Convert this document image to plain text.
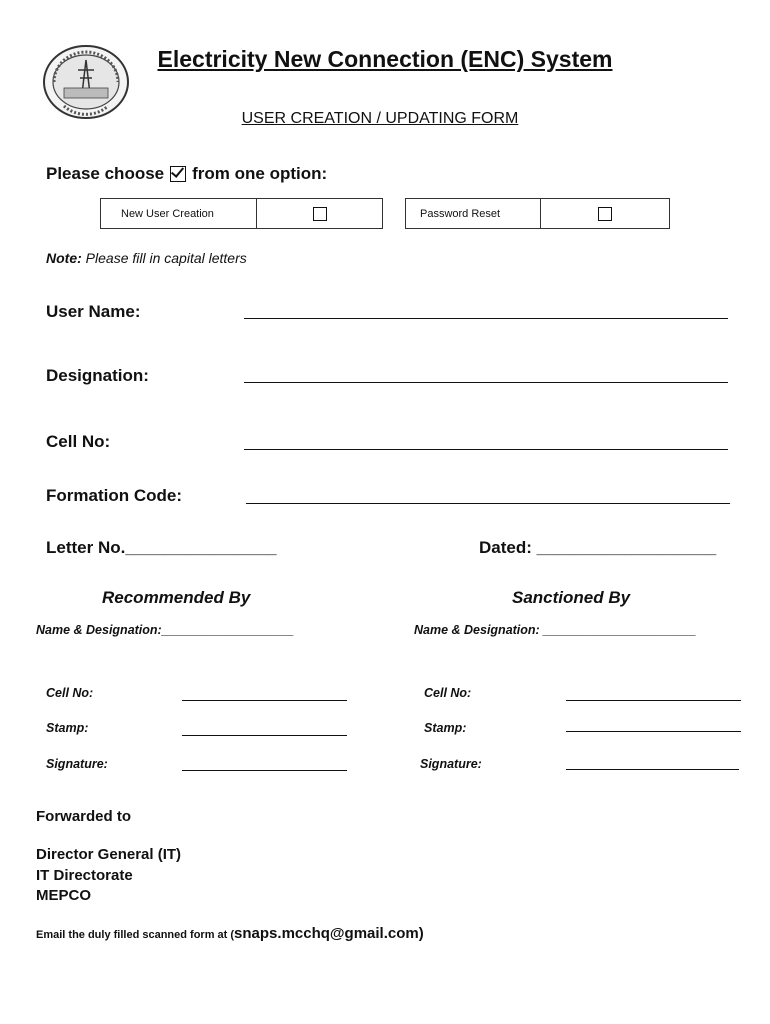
Electricity New Connection (ENC) System
USER CREATION / UPDATING FORM
Please choose from one option:
New User Creation		Password Reset	
Note: Please fill in capital letters
User Name:
Designation:
Cell No:
Formation Code:
Letter No.________________	Dated: ___________________
Recommended By	Sanctioned By
Name & Designation:___________________	Name & Designation: ______________________
Cell No:	Cell No:
Stamp:	Stamp:
Signature:	Signature:
Forwarded to
Director General (IT)
IT Directorate
MEPCO
Email the duly filled scanned form at (snaps.mcchq@gmail.com)
